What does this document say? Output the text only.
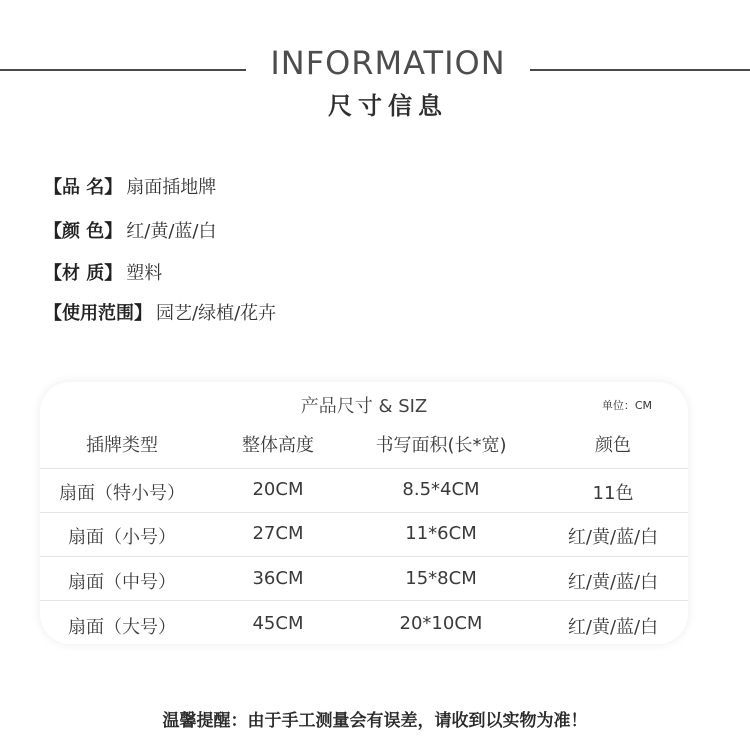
INFORMATION
尺寸信息
【品 名】 扇面插地牌
【颜 色】 红/黄/蓝/白
【材 质】 塑料
【使用范围】 园艺/绿植/花卉
产品尺寸 & SIZ	单位：CM
插牌类型	整体高度	书写面积(长*宽)	颜色
扇面（特小号）	20CM	8.5*4CM	11色
扇面（小号）	27CM	11*6CM	红/黄/蓝/白
扇面（中号）	36CM	15*8CM	红/黄/蓝/白
扇面（大号）	45CM	20*10CM	红/黄/蓝/白
温馨提醒：由于手工测量会有误差，请收到以实物为准！
